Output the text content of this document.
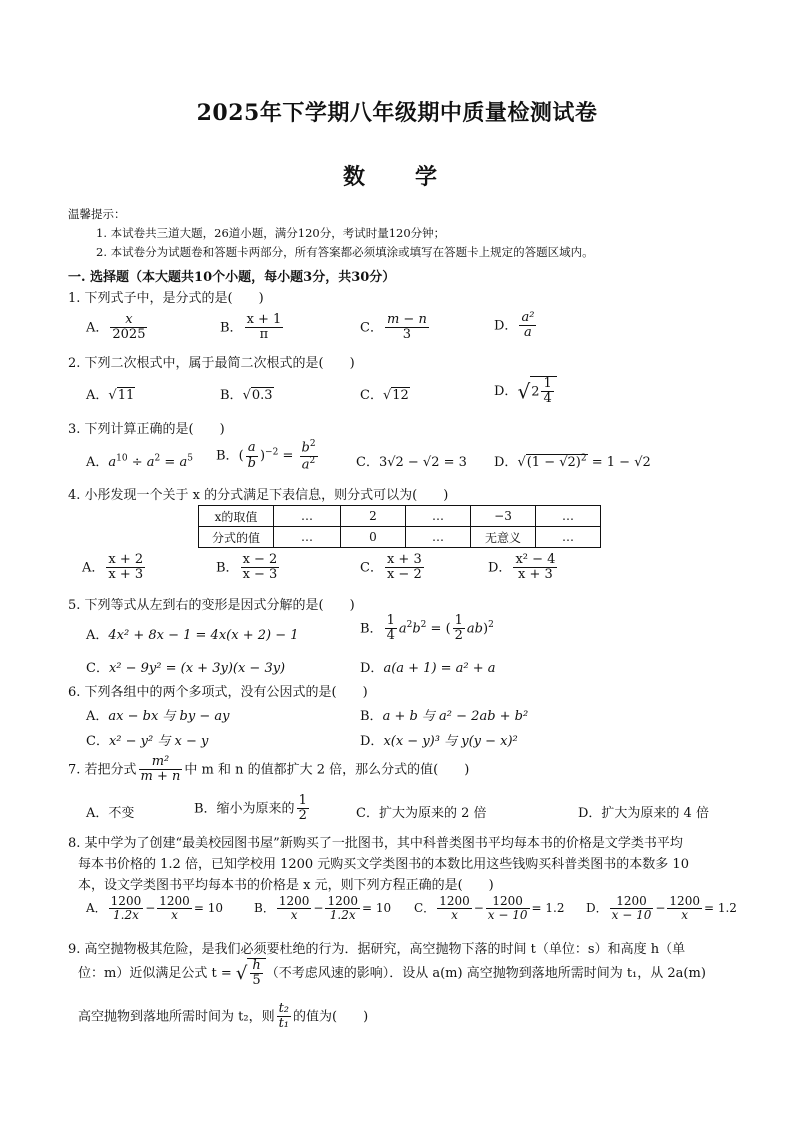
2025年下学期八年级期中质量检测试卷
数　学
温馨提示：
1. 本试卷共三道大题，26道小题，满分120分，考试时量120分钟；
2. 本试卷分为试题卷和答题卡两部分，所有答案都必须填涂或填写在答题卡上规定的答题区域内。
一. 选择题（本大题共10个小题，每小题3分，共30分）
1. 下列式子中，是分式的是(　　)
A． $\frac{x}{2025}$	B． $\frac{x + 1}{\pi}$	C． $\frac{m - n}{3}$	D． $\frac{\text{a²}}{a}$
2. 下列二次根式中，属于最简二次根式的是(　　)
A．√11	B．√0.3	C．√12	D．$√2 \frac{1}{4}$
3. 下列计算正确的是(　　)
A．$a^{10} \div a^2 = a^5$ B．( $\frac{a}{b} )^{-2} = \frac{b^2}{a^2}$	C．3√2 − √2 = 3 D．$√(1 - √2)^2 = 1 - √2$
4. 小彤发现一个关于 x 的分式满足下表信息，则分式可以为(　　)
x的取值	…	2	…	−3	…
分式的值	…	0	…	无意义	…
A． $\frac{x + 2}{x + 3}$	B． $\frac{x - 2}{x - 3}$	C． $\frac{x + 3}{x - 2}$	D． $\frac{\text{x² − 4}}{x + 3}$
5. 下列等式从左到右的变形是因式分解的是(　　)
A．4x² + 8x − 1 = 4x(x + 2) − 1	B． $\frac{1}{4} a^2b^2$ = ( $\frac{1}{2} ab)^2$
C．x² − 9y² = (x + 3y)(x − 3y)	D．a(a + 1) = a² + a
6. 下列各组中的两个多项式，没有公因式的是(　　)
A．ax − bx 与 by − ay	B．a + b 与 a² − 2ab + b²
C．x² − y² 与 x − y	D．x(x − y)³ 与 y(y − x)²
7. 若把分式 $\frac{\text{m²}}{m + n}$ 中 m 和 n 的值都扩大 2 倍，那么分式的值(　　)
A．不变	B．缩小为原来的 $\frac{1}{2}$	C．扩大为原来的 2 倍	D．扩大为原来的 4 倍
8. 某中学为了创建“最美校园图书屋”新购买了一批图书，其中科普类图书平均每本书的价格是文学类书平均
每本书价格的 1.2 倍，已知学校用 1200 元购买文学类图书的本数比用这些钱购买科普类图书的本数多 10
本，设文学类图书平均每本书的价格是 x 元，则下列方程正确的是(　　)
A． $\frac{1200}{1.2x} - \frac{1200}{x} = 10$	B． $\frac{1200}{x} - \frac{1200}{1.2x} = 10$ C． $\frac{1200}{x} - \frac{1200}{x - 10} = 1.2$ D． $\frac{1200}{x - 10} - \frac{1200}{x} = 1.2$
9. 高空抛物极其危险，是我们必须要杜绝的行为．据研究，高空抛物下落的时间 t（单位：s）和高度 h（单
位：m）近似满足公式 t = √ $\frac{h}{5}$ （不考虑风速的影响）．设从 a(m) 高空抛物到落地所需时间为 t₁，从 2a(m)
高空抛物到落地所需时间为 t₂，则 $\frac{\text{t₂}}{\text{t₁}}$ 的值为(　　)
